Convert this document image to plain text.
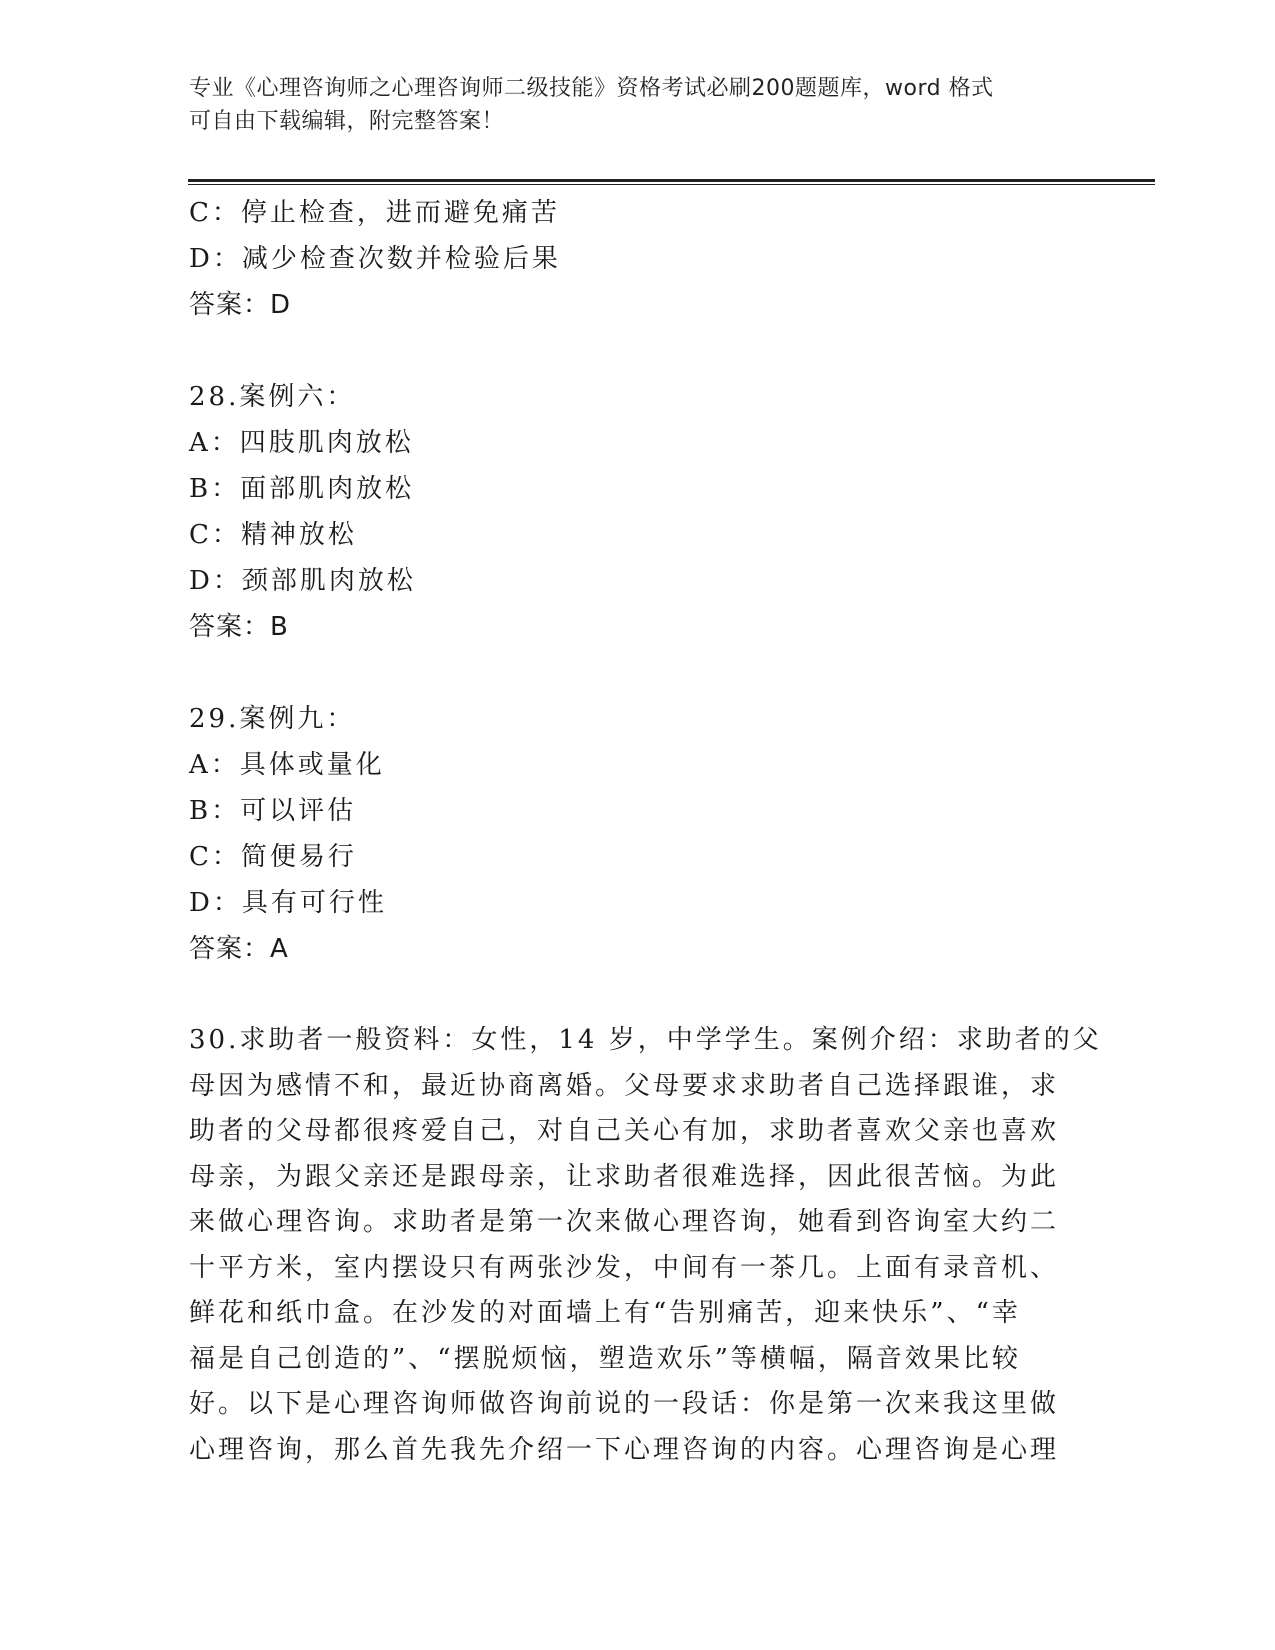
专业《心理咨询师之心理咨询师二级技能》资格考试必刷200题题库，word 格式
可自由下载编辑，附完整答案！
C：停止检查，进而避免痛苦
D：减少检查次数并检验后果
答案：D
28.案例六：
A：四肢肌肉放松
B：面部肌肉放松
C：精神放松
D：颈部肌肉放松
答案：B
29.案例九：
A：具体或量化
B：可以评估
C：简便易行
D：具有可行性
答案：A
30.求助者一般资料：女性，14 岁，中学学生。案例介绍：求助者的父
母因为感情不和，最近协商离婚。父母要求求助者自己选择跟谁，求
助者的父母都很疼爱自己，对自己关心有加，求助者喜欢父亲也喜欢
母亲，为跟父亲还是跟母亲，让求助者很难选择，因此很苦恼。为此
来做心理咨询。求助者是第一次来做心理咨询，她看到咨询室大约二
十平方米，室内摆设只有两张沙发，中间有一茶几。上面有录音机、
鲜花和纸巾盒。在沙发的对面墙上有“告别痛苦，迎来快乐”、“幸
福是自己创造的”、“摆脱烦恼，塑造欢乐”等横幅，隔音效果比较
好。以下是心理咨询师做咨询前说的一段话：你是第一次来我这里做
心理咨询，那么首先我先介绍一下心理咨询的内容。心理咨询是心理
